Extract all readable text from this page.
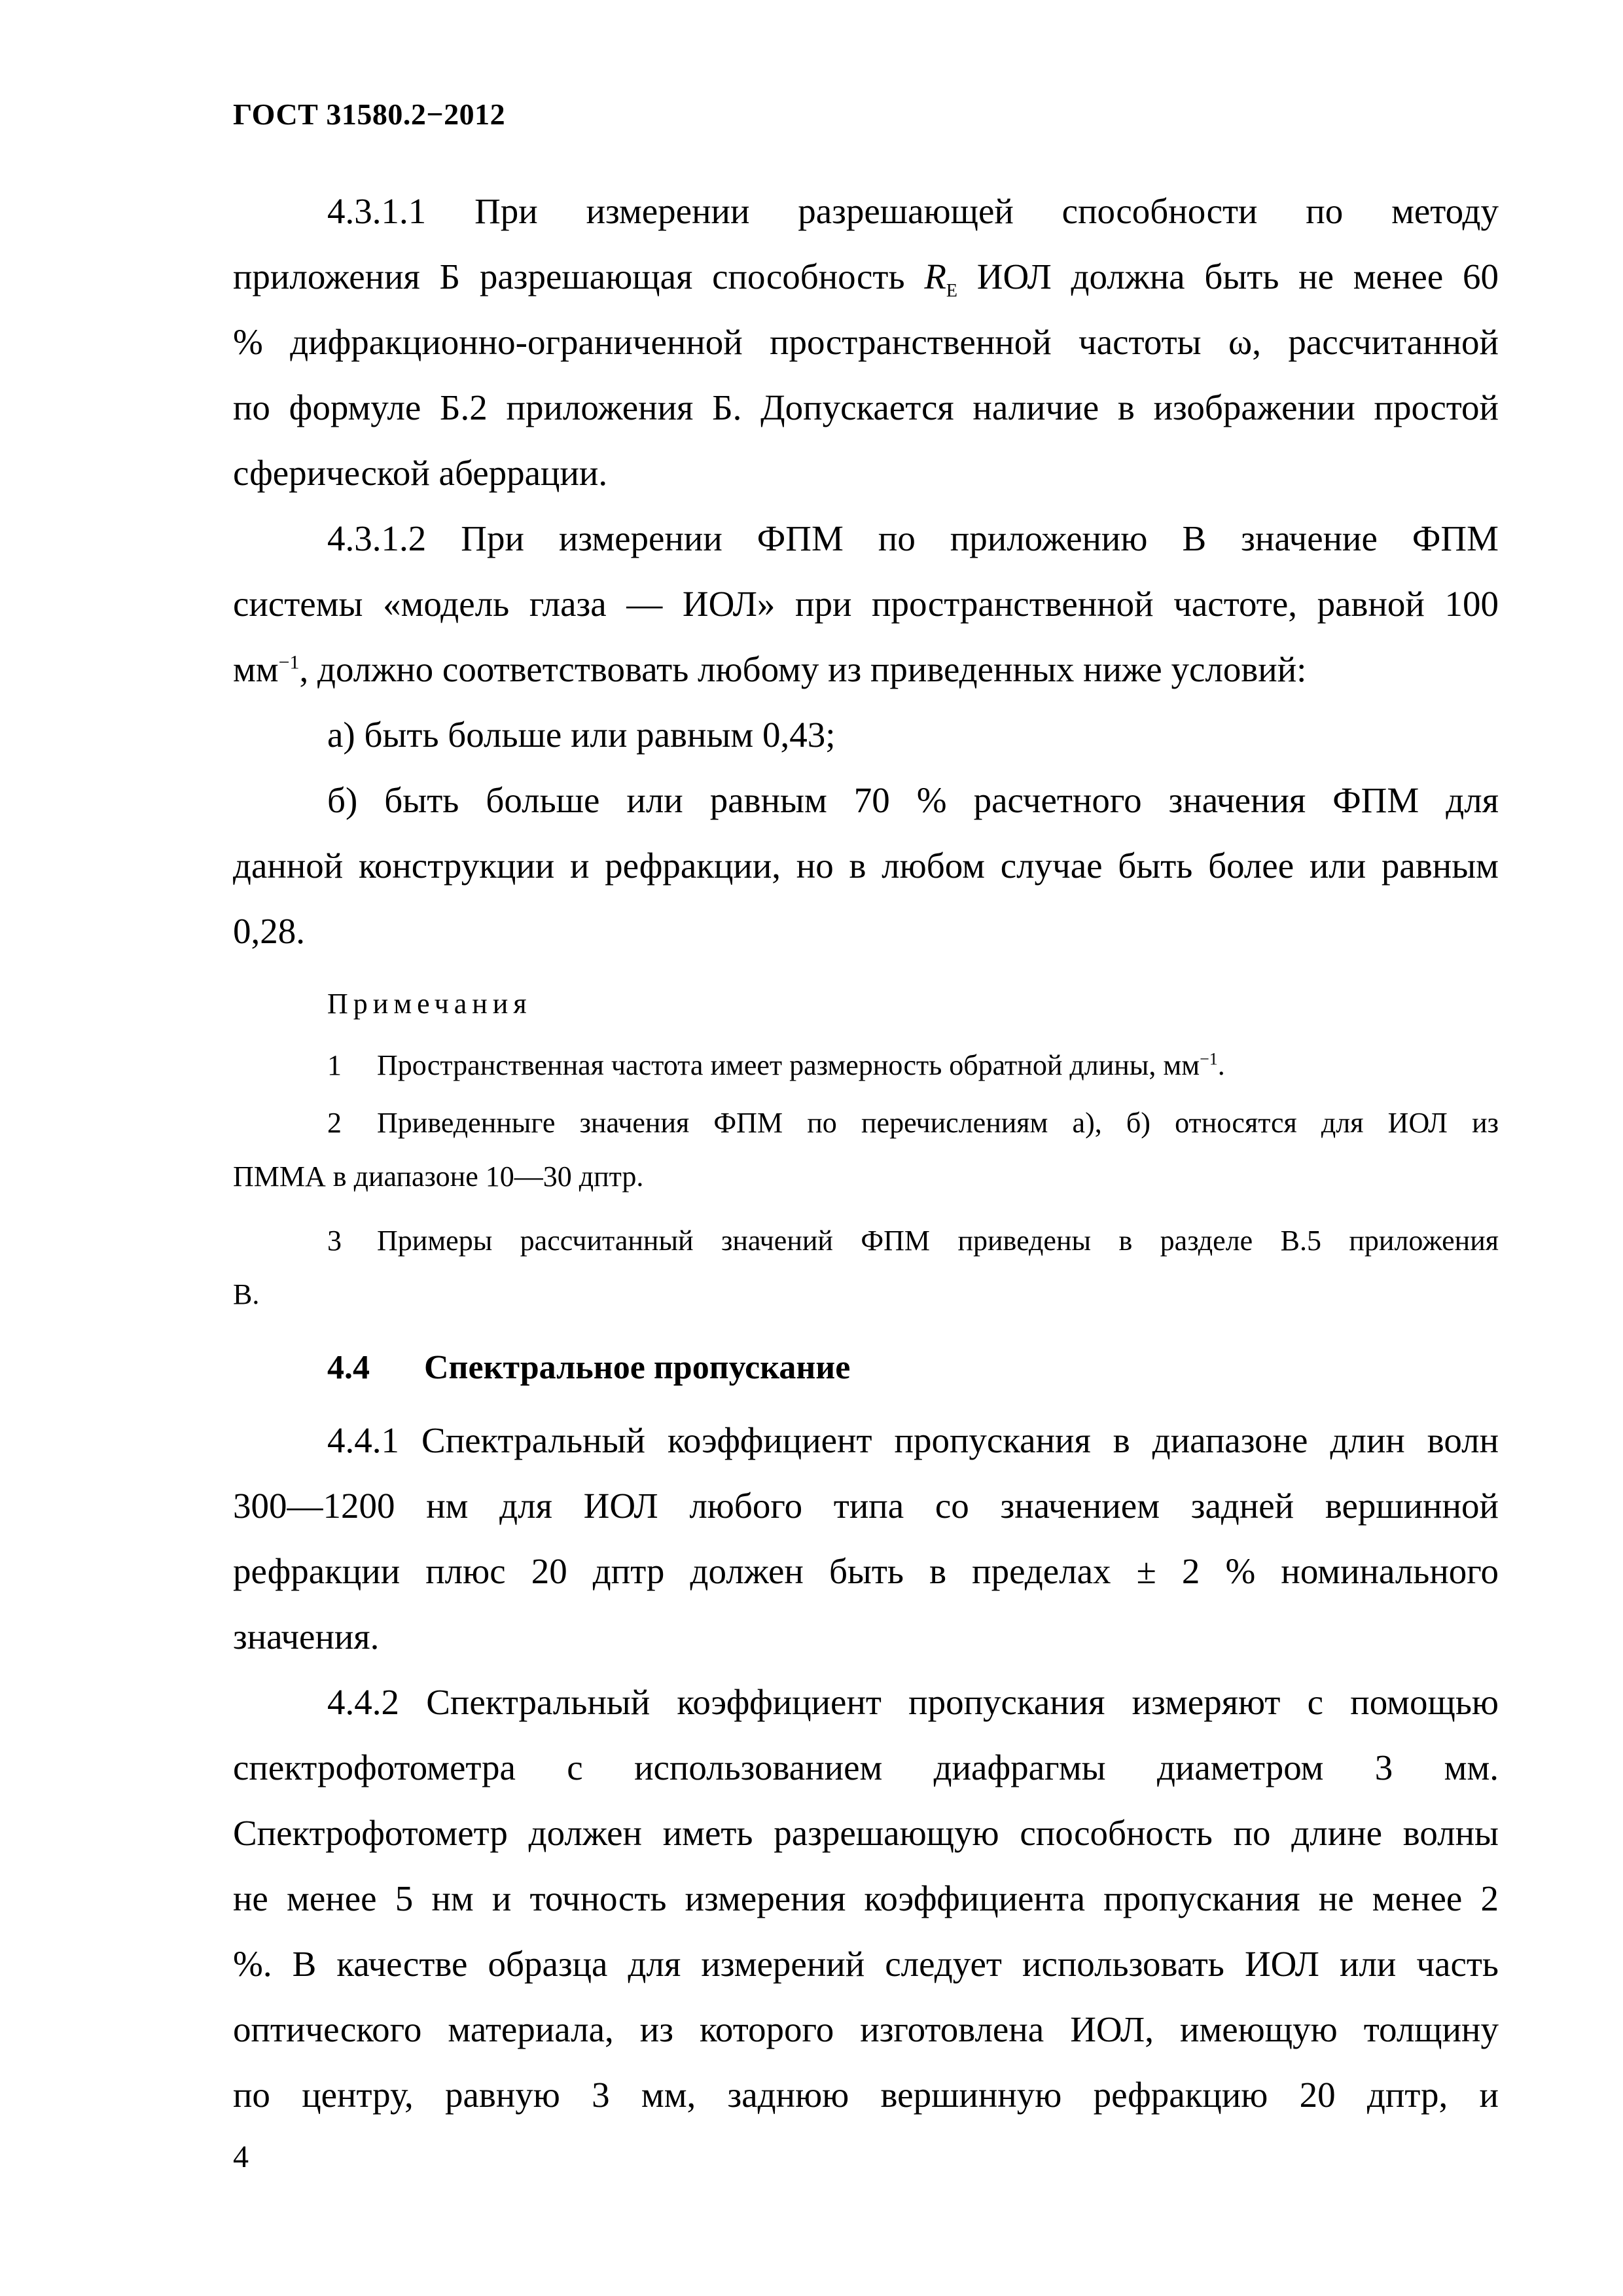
ГОСТ 31580.2−2012
4.3.1.1 При измерении разрешающей способности по методу
приложения Б разрешающая способность $R_E$ ИОЛ должна быть не менее 60
% дифракционно-ограниченной пространственной частоты ω, рассчитанной
по формуле Б.2 приложения Б. Допускается наличие в изображении простой
сферической аберрации.
4.3.1.2 При измерении ФПМ по приложению В значение ФПМ
системы «модель глаза — ИОЛ» при пространственной частоте, равной 100
$мм^{-1}$, должно соответствовать любому из приведенных ниже условий:
а) быть больше или равным 0,43;
б) быть больше или равным 70 % расчетного значения ФПМ для
данной конструкции и рефракции, но в любом случае быть более или равным
0,28.
Примечания
1 Пространственная частота имеет размерность обратной длины, $мм^{-1}$.
2 Приведенныге значения ФПМ по перечислениям а), б) относятся для ИОЛ из
ПММА в диапазоне 10—30 дптр.
3 Примеры рассчитанный значений ФПМ приведены в разделе В.5 приложения
В.
4.4 Спектральное пропускание
4.4.1 Спектральный коэффициент пропускания в диапазоне длин волн
300—1200 нм для ИОЛ любого типа со значением задней вершинной
рефракции плюс 20 дптр должен быть в пределах ± 2 % номинального
значения.
4.4.2 Спектральный коэффициент пропускания измеряют с помощью
спектрофотометра с использованием диафрагмы диаметром 3 мм.
Спектрофотометр должен иметь разрешающую способность по длине волны
не менее 5 нм и точность измерения коэффициента пропускания не менее 2
%. В качестве образца для измерений следует использовать ИОЛ или часть
оптического материала, из которого изготовлена ИОЛ, имеющую толщину
по центру, равную 3 мм, заднюю вершинную рефракцию 20 дптр, и
4
